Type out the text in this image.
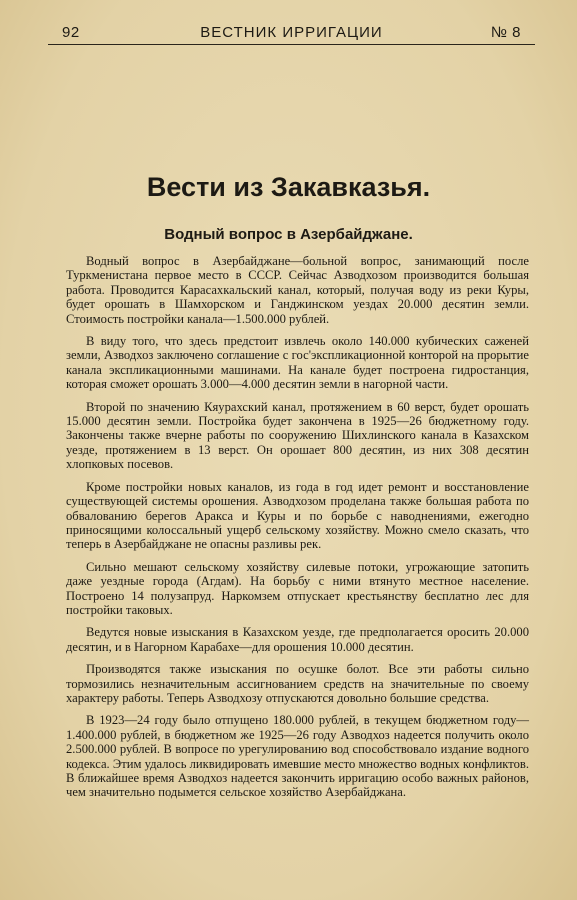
92	ВЕСТНИК ИРРИГАЦИИ	№ 8
Вести из Закавказья.
Водный вопрос в Азербайджане.

Водный вопрос в Азербайджане—больной вопрос, занимающий после Туркменистана первое место в СССР. Сейчас Азводхозом производится большая работа. Проводится Карасахкальский канал, который, получая воду из реки Куры, будет орошать в Шамхорском и Ганджинском уездах 20.000 десятин земли. Стоимость постройки канала—1.500.000 рублей.

В виду того, что здесь предстоит извлечь около 140.000 кубических саженей земли, Азводхоз заключено соглашение с гос'экспликационной конторой на прорытие канала экспликационными машинами. На канале будет построена гидростанция, которая сможет орошать 3.000—4.000 десятин земли в нагорной части.

Второй по значению Кяурахский канал, протяжением в 60 верст, будет орошать 15.000 десятин земли. Постройка будет закончена в 1925—26 бюджетному году. Закончены также вчерне работы по сооружению Шихлинского канала в Казахском уезде, протяжением в 13 верст. Он орошает 800 десятин, из них 308 десятин хлопковых посевов.

Кроме постройки новых каналов, из года в год идет ремонт и восстановление существующей системы орошения. Азводхозом проделана также большая работа по обвалованию берегов Аракса и Куры и по борьбе с наводнениями, ежегодно приносящими колоссальный ущерб сельскому хозяйству. Можно смело сказать, что теперь в Азербайджане не опасны разливы рек.

Сильно мешают сельскому хозяйству силевые потоки, угрожающие затопить даже уездные города (Агдам). На борьбу с ними втянуто местное население. Построено 14 полузапруд. Наркомзем отпускает крестьянству бесплатно лес для постройки таковых.

Ведутся новые изыскания в Казахском уезде, где предполагается оросить 20.000 десятин, и в Нагорном Карабахе—для орошения 10.000 десятин.

Производятся также изыскания по осушке болот. Все эти работы сильно тормозились незначительным ассигнованием средств на значительные по своему характеру работы. Теперь Азводхозу отпускаются довольно большие средства.

В 1923—24 году было отпущено 180.000 рублей, в текущем бюджетном году—1.400.000 рублей, в бюджетном же 1925—26 году Азводхоз надеется получить около 2.500.000 рублей. В вопросе по урегулированию вод способствовало издание водного кодекса. Этим удалось ликвидировать имевшие место множество водных конфликтов. В ближайшее время Азводхоз надеется закончить ирригацию особо важных районов, чем значительно подымется сельское хозяйство Азербайджана.
